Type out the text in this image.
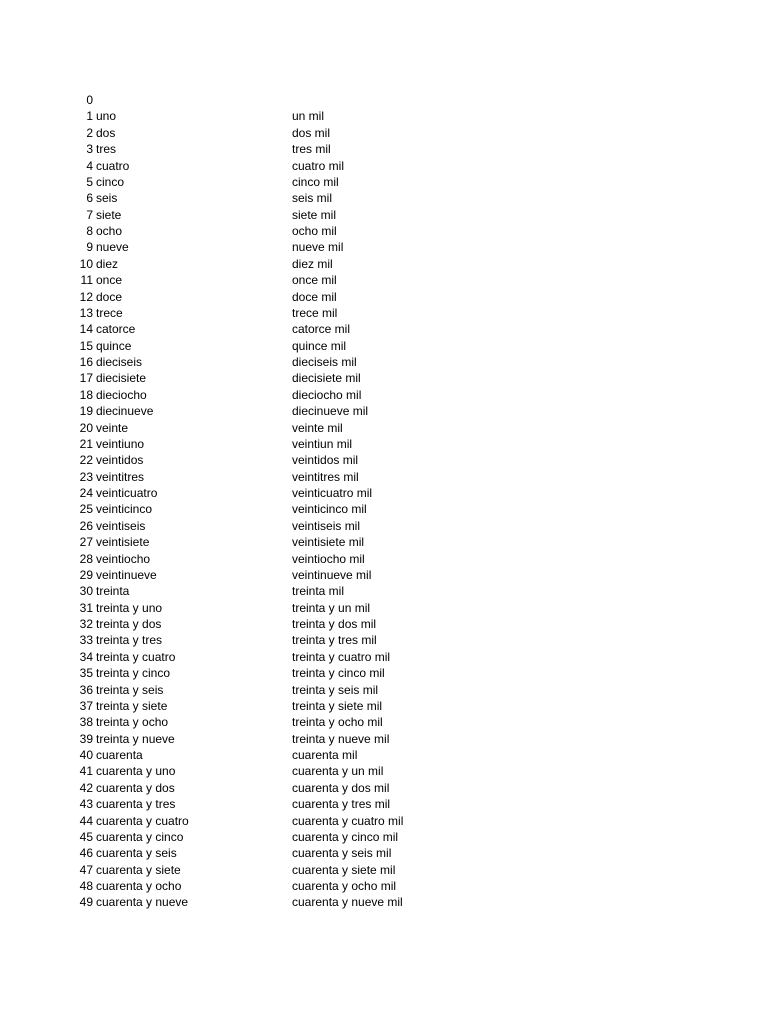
0
1 uno	un mil
2 dos	dos mil
3 tres	tres mil
4 cuatro	cuatro mil
5 cinco	cinco mil
6 seis	seis mil
7 siete	siete mil
8 ocho	ocho mil
9 nueve	nueve mil
10 diez	diez mil
11 once	once mil
12 doce	doce mil
13 trece	trece mil
14 catorce	catorce mil
15 quince	quince mil
16 dieciseis	dieciseis mil
17 diecisiete	diecisiete mil
18 dieciocho	dieciocho mil
19 diecinueve	diecinueve mil
20 veinte	veinte mil
21 veintiuno	veintiun mil
22 veintidos	veintidos mil
23 veintitres	veintitres mil
24 veinticuatro	veinticuatro mil
25 veinticinco	veinticinco mil
26 veintiseis	veintiseis mil
27 veintisiete	veintisiete mil
28 veintiocho	veintiocho mil
29 veintinueve	veintinueve mil
30 treinta	treinta mil
31 treinta y uno	treinta y un mil
32 treinta y dos	treinta y dos mil
33 treinta y tres	treinta y tres mil
34 treinta y cuatro	treinta y cuatro mil
35 treinta y cinco	treinta y cinco mil
36 treinta y seis	treinta y seis mil
37 treinta y siete	treinta y siete mil
38 treinta y ocho	treinta y ocho mil
39 treinta y nueve	treinta y nueve mil
40 cuarenta	cuarenta mil
41 cuarenta y uno	cuarenta y un mil
42 cuarenta y dos	cuarenta y dos mil
43 cuarenta y tres	cuarenta y tres mil
44 cuarenta y cuatro	cuarenta y cuatro mil
45 cuarenta y cinco	cuarenta y cinco mil
46 cuarenta y seis	cuarenta y seis mil
47 cuarenta y siete	cuarenta y siete mil
48 cuarenta y ocho	cuarenta y ocho mil
49 cuarenta y nueve	cuarenta y nueve mil
